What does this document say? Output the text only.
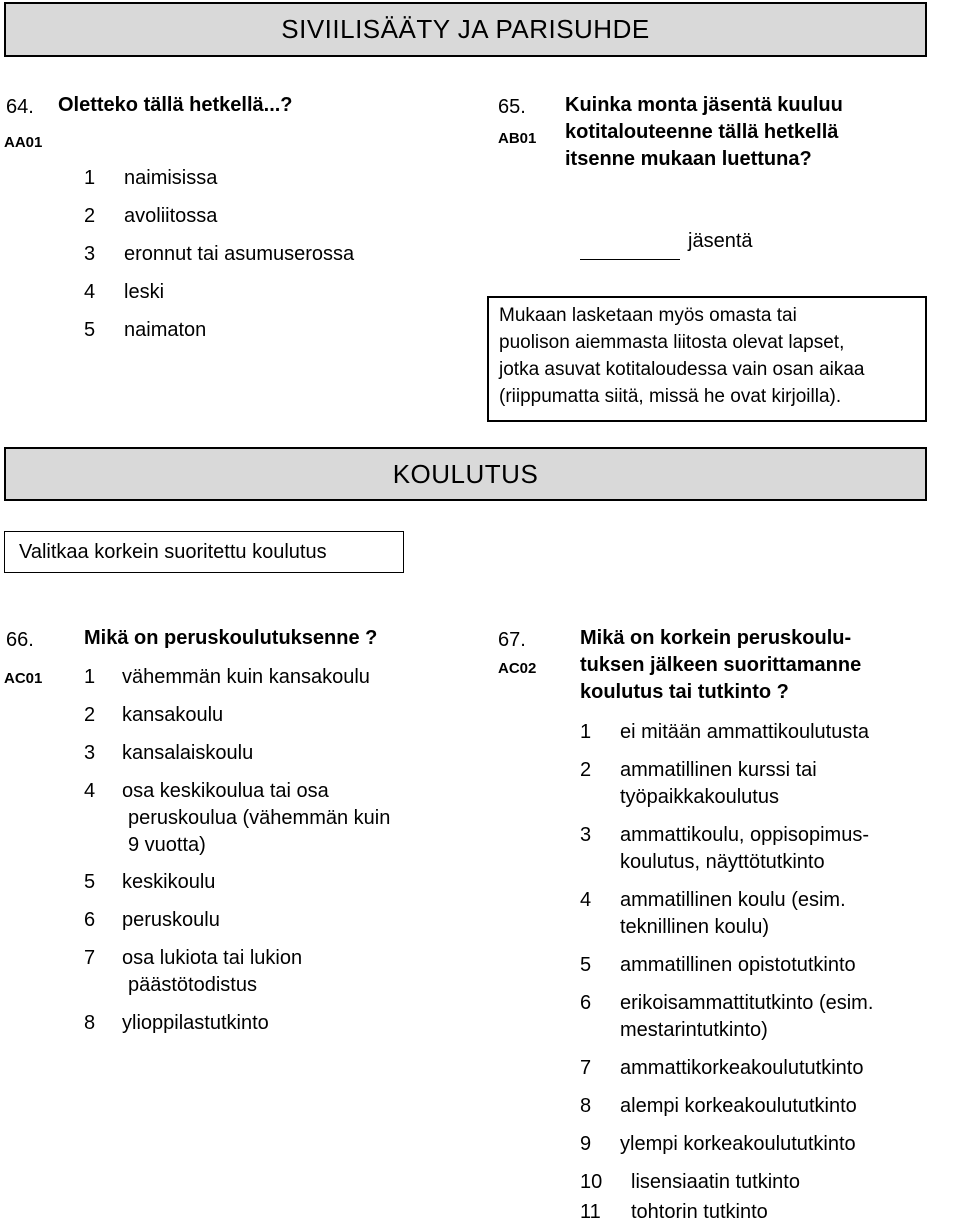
SIVIILISÄÄTY JA PARISUHDE
64. Oletteko tällä hetkellä...?
AA01
1 naimisissa
2 avoliitossa
3 eronnut tai asumuserossa
4 leski
5 naimaton
65.
AB01
Kuinka monta jäsentä kuuluu
kotitalouteenne tällä hetkellä
itsenne mukaan luettuna?
jäsentä
Mukaan lasketaan myös omasta tai
puolison aiemmasta liitosta olevat lapset,
jotka asuvat kotitaloudessa vain osan aikaa
(riippumatta siitä, missä he ovat kirjoilla).
KOULUTUS
Valitkaa korkein suoritettu koulutus
66.	Mikä on peruskoulutuksenne ?
AC01 1 vähemmän kuin kansakoulu
2 kansakoulu
3 kansalaiskoulu
4 osa keskikoulua tai osa
peruskoulua (vähemmän kuin
9 vuotta)
5 keskikoulu
6 peruskoulu
7 osa lukiota tai lukion
päästötodistus
8 ylioppilastutkinto
67.
AC02
Mikä on korkein peruskoulu-
tuksen jälkeen suorittamanne
koulutus tai tutkinto ?
1 ei mitään ammattikoulutusta
2 ammatillinen kurssi tai
työpaikkakoulutus
3 ammattikoulu, oppisopimus-
koulutus, näyttötutkinto
4 ammatillinen koulu (esim.
teknillinen koulu)
5 ammatillinen opistotutkinto
6 erikoisammattitutkinto (esim.
mestarintutkinto)
7 ammattikorkeakoulututkinto
8 alempi korkeakoulututkinto
9 ylempi korkeakoulututkinto
10 lisensiaatin tutkinto
11 tohtorin tutkinto
